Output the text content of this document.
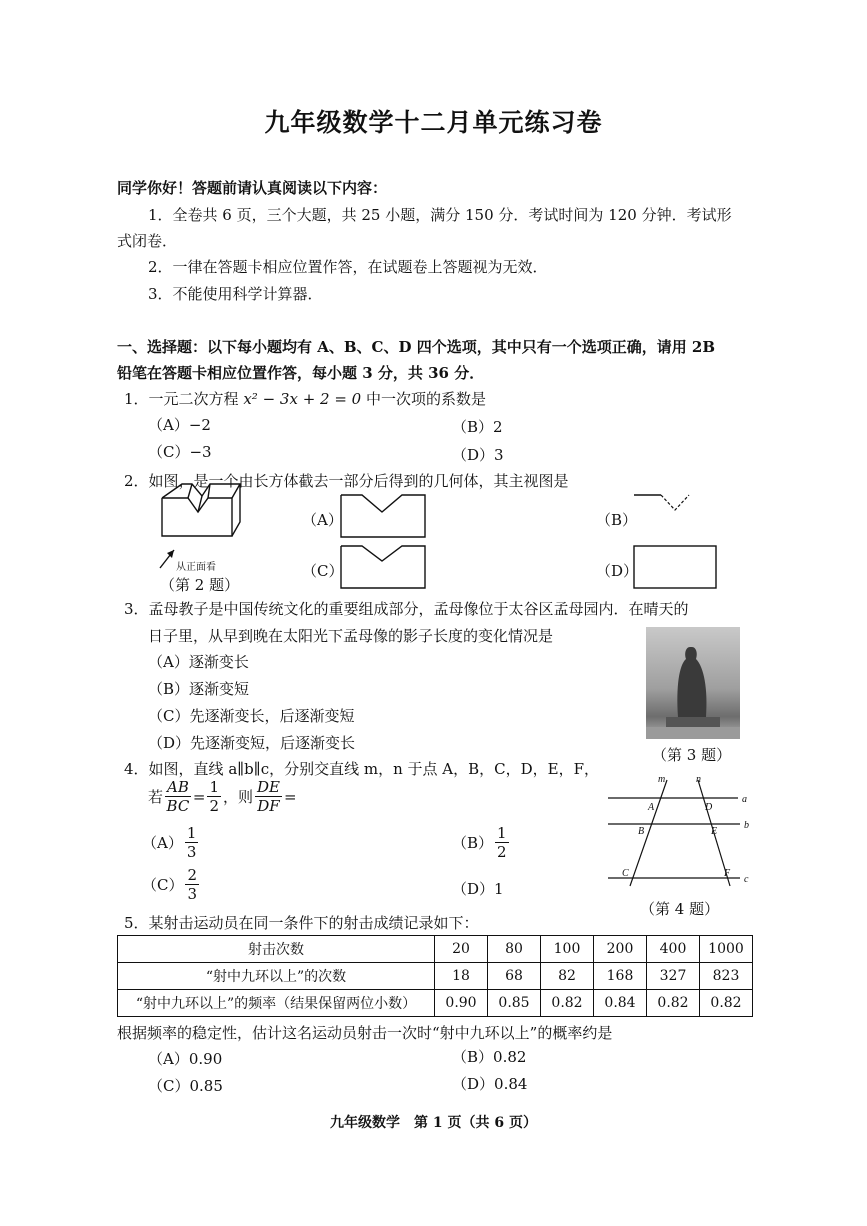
九年级数学十二月单元练习卷
同学你好！答题前请认真阅读以下内容：
1．全卷共 6 页，三个大题，共 25 小题，满分 150 分．考试时间为 120 分钟．考试形
式闭卷．
2．一律在答题卡相应位置作答，在试题卷上答题视为无效．
3．不能使用科学计算器．
一、选择题：以下每小题均有 A、B、C、D 四个选项，其中只有一个选项正确，请用 2B
铅笔在答题卡相应位置作答，每小题 3 分，共 36 分．
1．一元二次方程 x² − 3x + 2 = 0 中一次项的系数是
（A）−2	（B）2
（C）−3	（D）3
2．如图，是一个由长方体截去一部分后得到的几何体，其主视图是
从正面看
（第 2 题）
（A）	（B）
（C）	（D）
3．孟母教子是中国传统文化的重要组成部分，孟母像位于太谷区孟母园内．在晴天的
日子里，从早到晚在太阳光下孟母像的影子长度的变化情况是
（A）逐渐变长
（B）逐渐变短
（C）先逐渐变长，后逐渐变短
（D）先逐渐变短，后逐渐变长
（第 3 题）
4．如图，直线 a∥b∥c，分别交直线 m，n 于点 A，B，C，D，E，F，
若 $\frac{AB}{BC} = \frac{1}{2}$ ，则 $\frac{DE}{DF}$ =
$(A) \frac{1}{3}$	$(B) \frac{1}{2}$
$(C) \frac{2}{3}$	（D）1
m	n
a
b
c
A
B
C
D
E
F
（第 4 题）
5．某射击运动员在同一条件下的射击成绩记录如下：
射击次数	20	80	100	200	400	1000
“射中九环以上”的次数	18	68	82	168	327	823
“射中九环以上”的频率（结果保留两位小数）	0.90	0.85	0.82	0.84	0.82	0.82
根据频率的稳定性，估计这名运动员射击一次时“射中九环以上”的概率约是
（A）0.90	（B）0.82
（C）0.85	（D）0.84
九年级数学　第 1 页（共 6 页）
